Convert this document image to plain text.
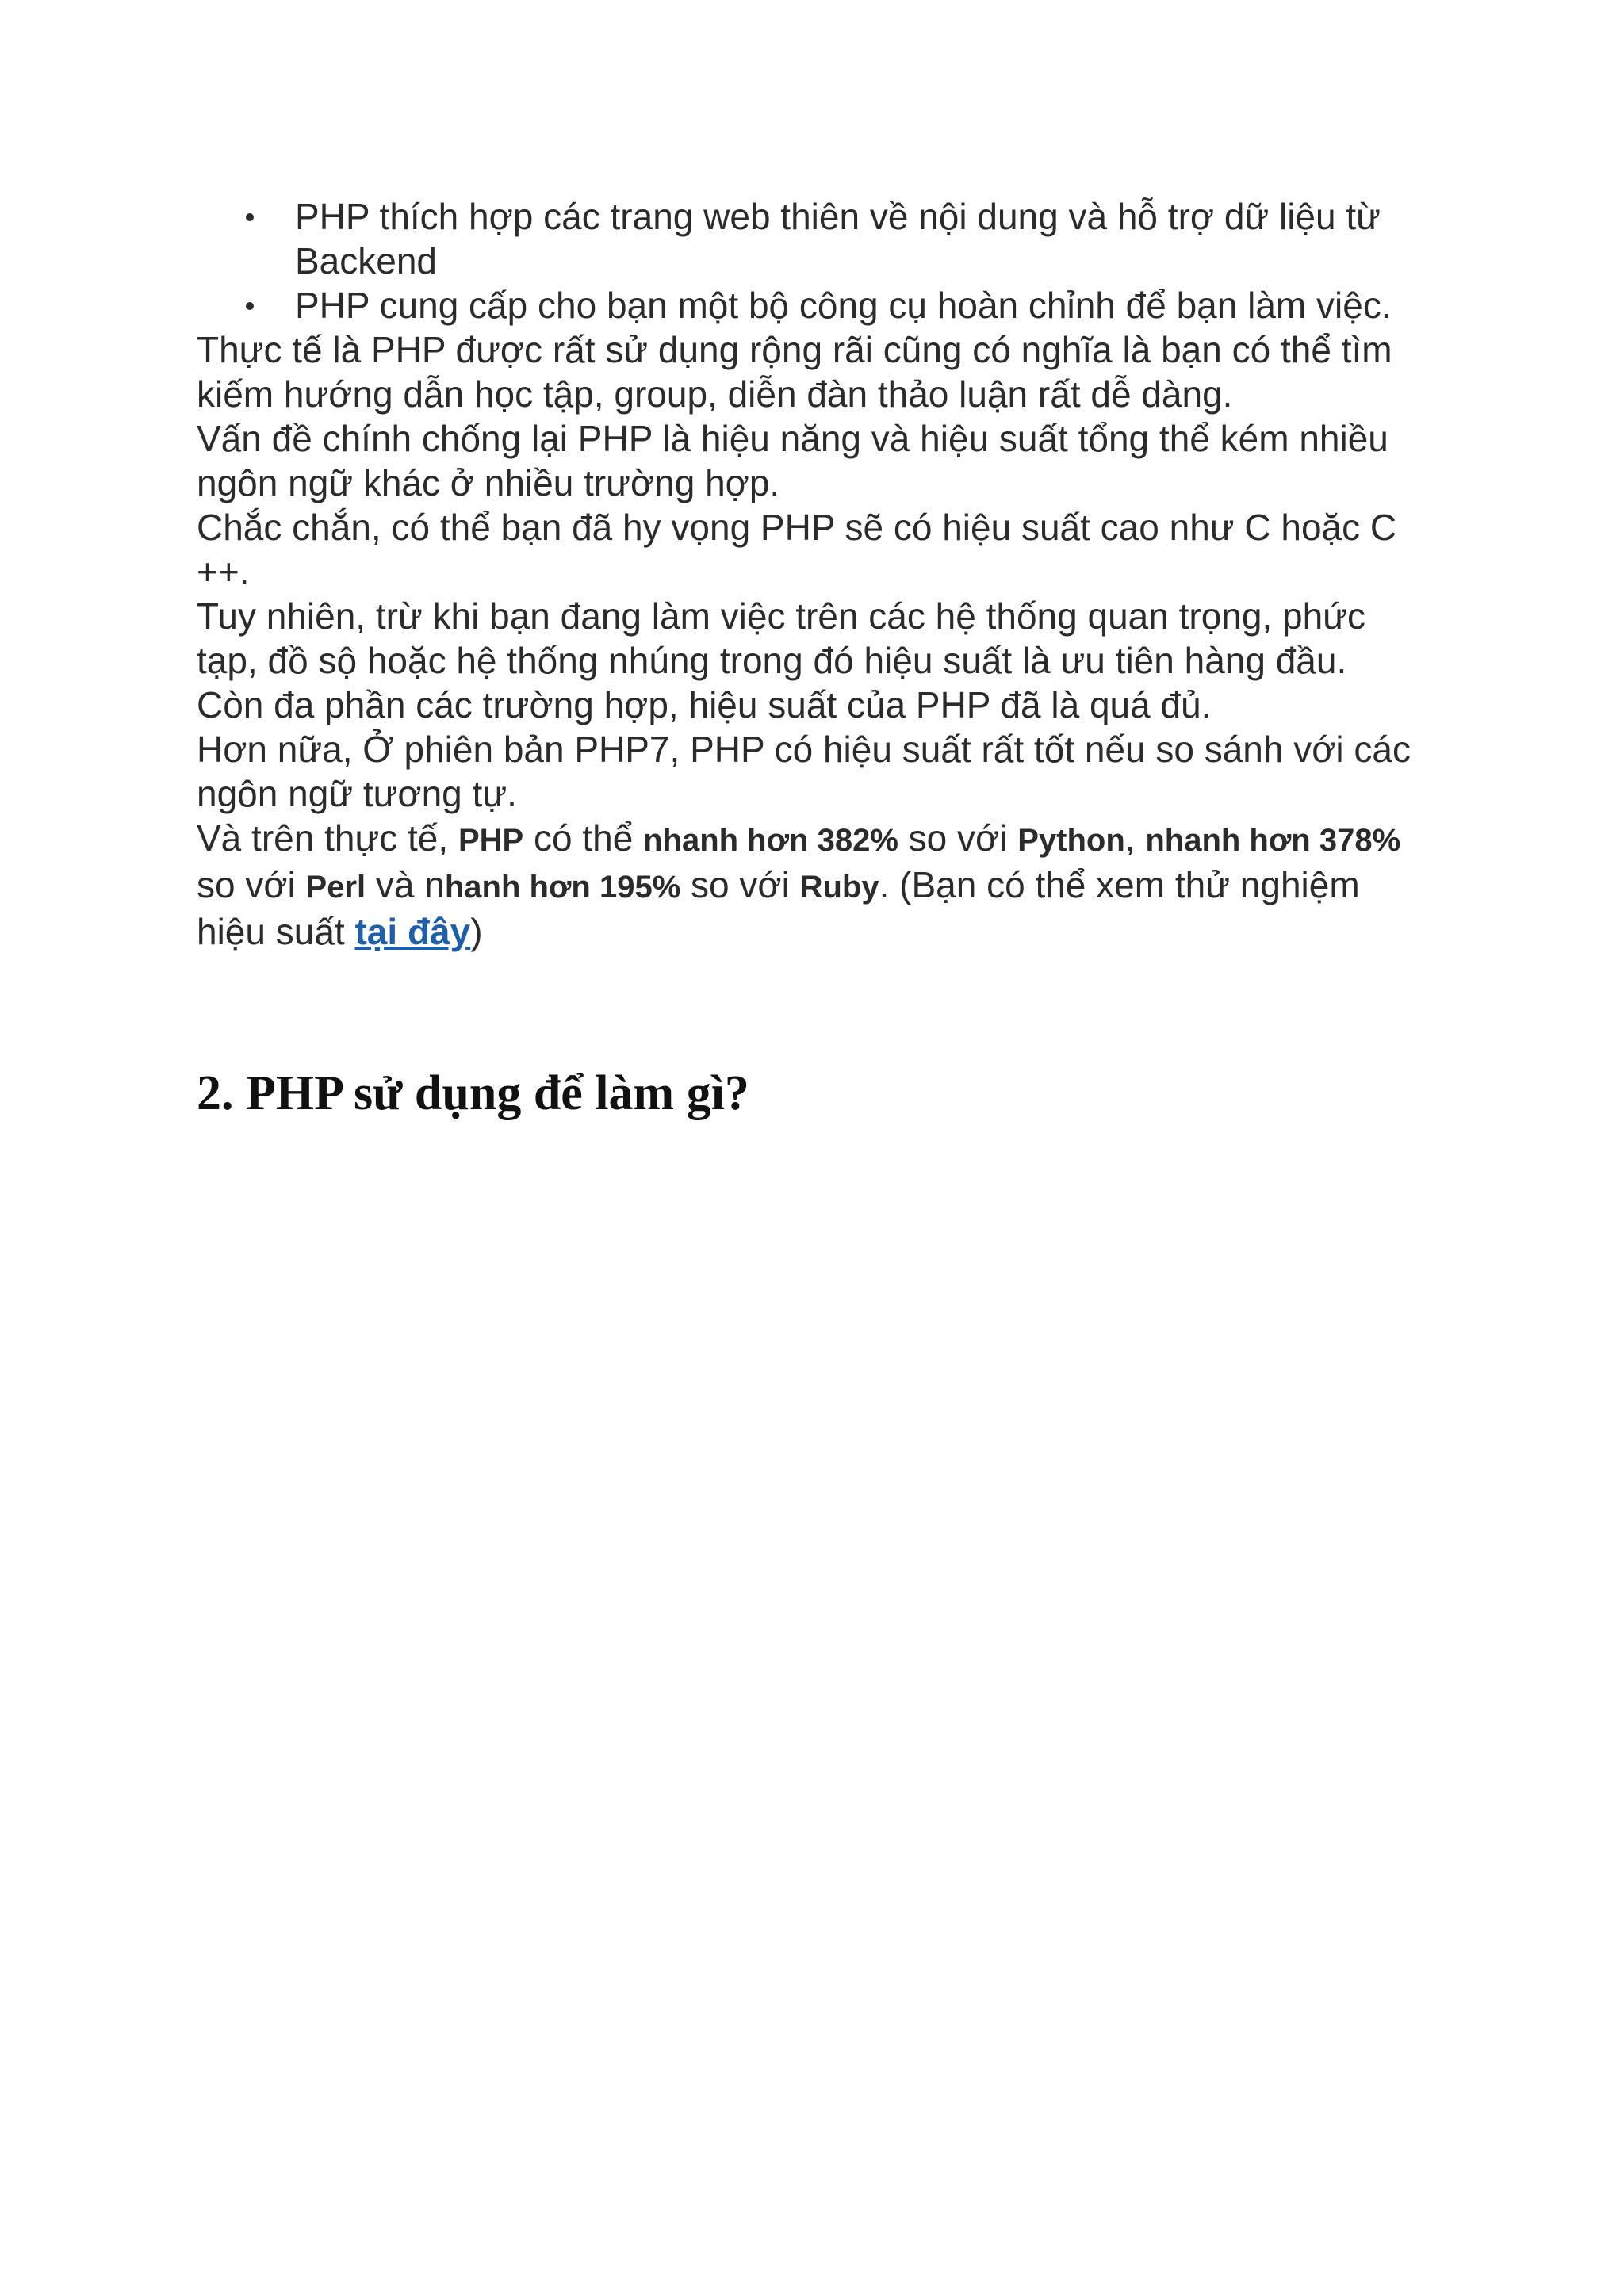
PHP thích hợp các trang web thiên về nội dung và hỗ trợ dữ liệu từ Backend
PHP cung cấp cho bạn một bộ công cụ hoàn chỉnh để bạn làm việc.

Thực tế là PHP được rất sử dụng rộng rãi cũng có nghĩa là bạn có thể tìm kiếm hướng dẫn học tập, group, diễn đàn thảo luận rất dễ dàng.

Vấn đề chính chống lại PHP là hiệu năng và hiệu suất tổng thể kém nhiều ngôn ngữ khác ở nhiều trường hợp.

Chắc chắn, có thể bạn đã hy vọng PHP sẽ có hiệu suất cao như C hoặc C ++.

Tuy nhiên, trừ khi bạn đang làm việc trên các hệ thống quan trọng, phức tạp, đồ sộ hoặc hệ thống nhúng trong đó hiệu suất là ưu tiên hàng đầu.

Còn đa phần các trường hợp, hiệu suất của PHP đã là quá đủ.

Hơn nữa, Ở phiên bản PHP7, PHP có hiệu suất rất tốt nếu so sánh với các ngôn ngữ tương tự.

Và trên thực tế, PHP có thể nhanh hơn 382% so với Python, nhanh hơn 378% so với Perl và nhanh hơn 195% so với Ruby. (Bạn có thể xem thử nghiệm hiệu suất tại đây)

2. PHP sử dụng để làm gì?
